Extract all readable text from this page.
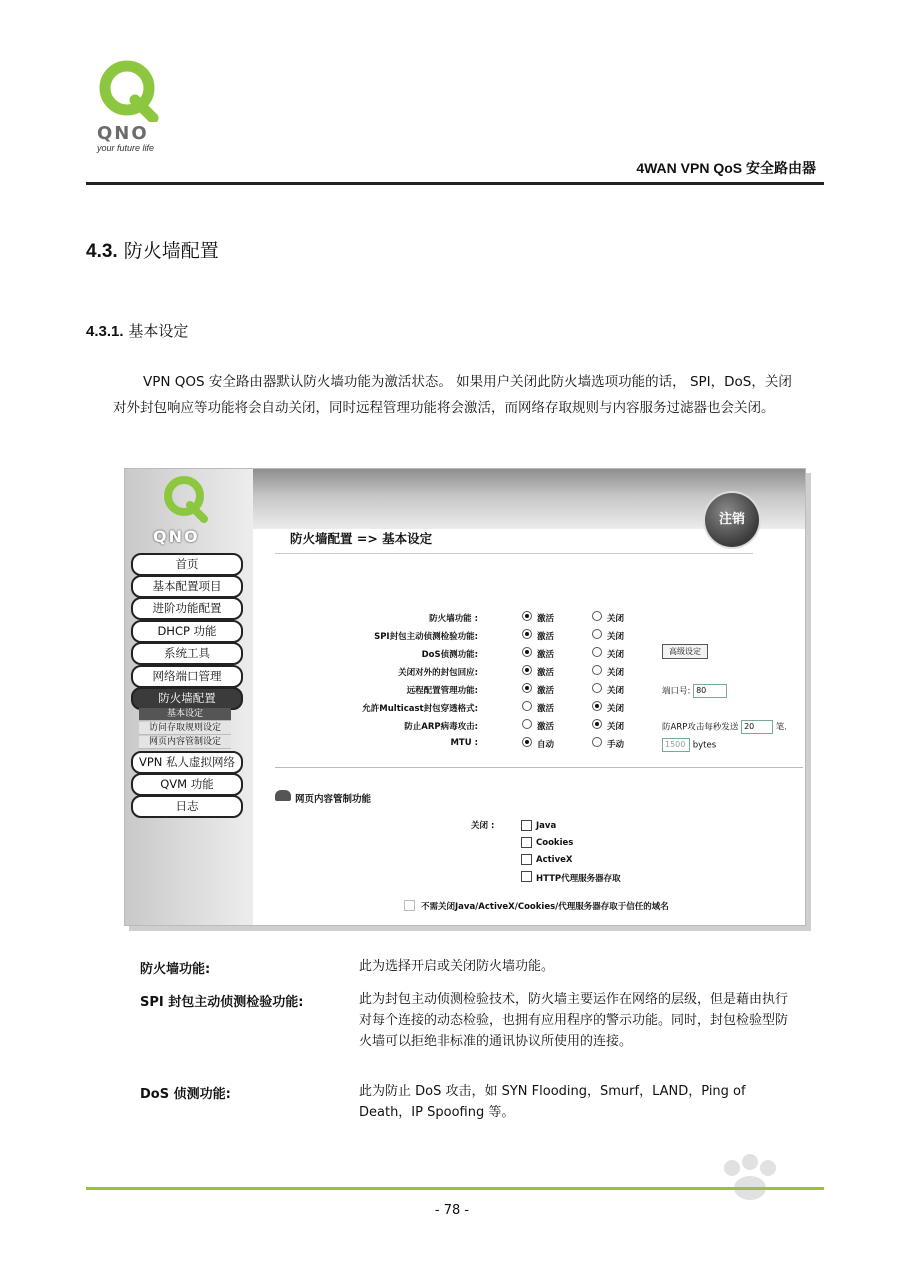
QNO
your future life
4WAN VPN QoS 安全路由器
4.3. 防火墙配置
4.3.1. 基本设定
VPN QOS 安全路由器默认防火墙功能为激活状态。 如果用户关闭此防火墙选项功能的话， SPI，DoS，关闭对外封包响应等功能将会自动关闭，同时远程管理功能将会激活，而网络存取规则与内容服务过滤器也会关闭。
QNO
注销
防火墙配置 => 基本设定
首页
基本配置项目
进阶功能配置
DHCP 功能
系统工具
网络端口管理
防火墙配置
基本设定
访问存取规则设定
网页内容管制设定
VPN 私人虚拟网络
QVM 功能
日志
防火墙功能 :	激活	关闭
SPI封包主动侦测检验功能:	激活	关闭
DoS侦测功能:	激活	关闭	高级设定
关闭对外的封包回应:	激活	关闭
远程配置管理功能:	激活	关闭	端口号: 80
允許Multicast封包穿透格式:	激活	关闭
防止ARP病毒攻击:	激活	关闭	防ARP攻击每秒发送 20	笔.
MTU :	自动	手动	1500 bytes
网页内容管制功能
关闭 :	Java
Cookies
ActiveX
HTTP代理服务器存取
不需关闭Java/ActiveX/Cookies/代理服务器存取于信任的域名
防火墙功能:	此为选择开启或关闭防火墙功能。
SPI 封包主动侦测检验功能:	此为封包主动侦测检验技术，防火墙主要运作在网络的层级，但是藉由执行对每个连接的动态检验，也拥有应用程序的警示功能。同时，封包检验型防火墙可以拒绝非标准的通讯协议所使用的连接。
DoS 侦测功能:	此为防止 DoS 攻击，如 SYN Flooding，Smurf，LAND，Ping of Death，IP Spoofing 等。
- 78 -
